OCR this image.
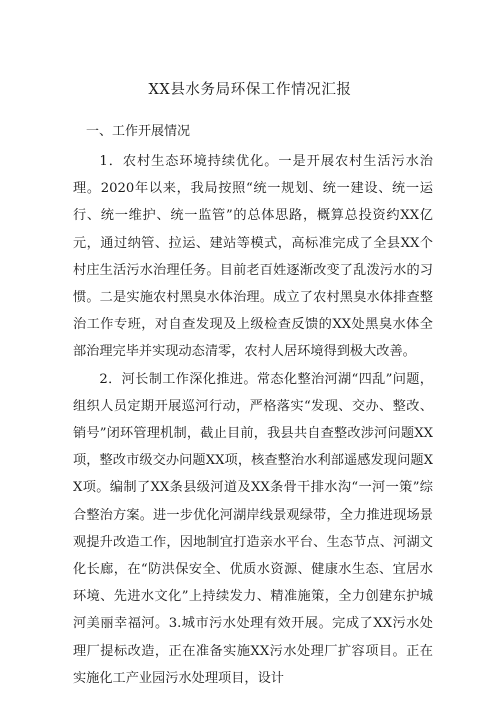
XX县水务局环保工作情况汇报
一、工作开展情况

1．农村生态环境持续优化。一是开展农村生活污水治理。2020年以来，我局按照“统一规划、统一建设、统一运行、统一维护、统一监管”的总体思路，概算总投资约XX亿元，通过纳管、拉运、建站等模式，高标准完成了全县XX个村庄生活污水治理任务。目前老百姓逐渐改变了乱泼污水的习惯。二是实施农村黑臭水体治理。成立了农村黑臭水体排查整治工作专班，对自查发现及上级检查反馈的XX处黑臭水体全部治理完毕并实现动态清零，农村人居环境得到极大改善。

2．河长制工作深化推进。常态化整治河湖“四乱”问题，组织人员定期开展巡河行动，严格落实“发现、交办、整改、销号”闭环管理机制，截止目前，我县共自查整改涉河问题XX项，整改市级交办问题XX项，核查整治水利部遥感发现问题XX项。编制了XX条县级河道及XX条骨干排水沟“一河一策”综合整治方案。进一步优化河湖岸线景观绿带，全力推进现场景观提升改造工作，因地制宜打造亲水平台、生态节点、河湖文化长廊，在“防洪保安全、优质水资源、健康水生态、宜居水环境、先进水文化”上持续发力、精准施策，全力创建东护城河美丽幸福河。3.城市污水处理有效开展。完成了XX污水处理厂提标改造，正在准备实施XX污水处理厂扩容项目。正在实施化工产业园污水处理项目，设计
